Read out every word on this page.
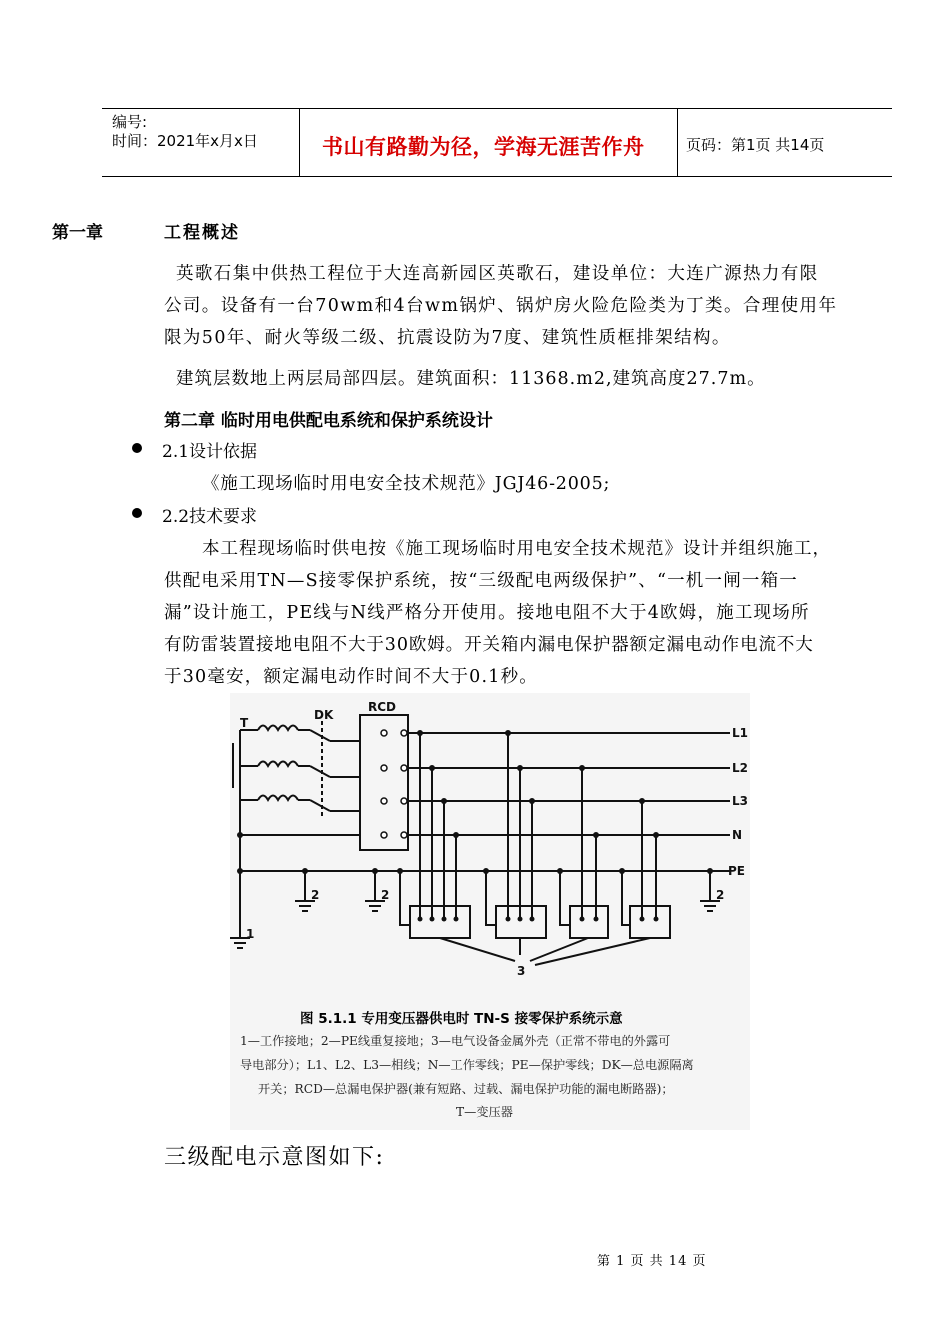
编号:
时间：2021年x月x日	书山有路勤为径，学海无涯苦作舟	页码：第1页 共14页
第一章	工程概述
英歌石集中供热工程位于大连高新园区英歌石，建设单位：大连广源热力有限
公司。设备有一台70wm和4台wm锅炉、锅炉房火险危险类为丁类。合理使用年
限为50年、耐火等级二级、抗震设防为7度、建筑性质框排架结构。
建筑层数地上两层局部四层。建筑面积：11368.m2,建筑高度27.7m。
第二章 临时用电供配电系统和保护系统设计
2.1设计依据
《施工现场临时用电安全技术规范》JGJ46-2005;
2.2技术要求
本工程现场临时供电按《施工现场临时用电安全技术规范》设计并组织施工，
供配电采用TN—S接零保护系统，按“三级配电两级保护”、“一机一闸一箱一
漏”设计施工，PE线与N线严格分开使用。接地电阻不大于4欧姆，施工现场所
有防雷装置接地电阻不大于30欧姆。开关箱内漏电保护器额定漏电动作电流不大
于30毫安，额定漏电动作时间不大于0.1秒。
T
DK
RCD
L1
L2
L3
N
PE
1
2	2	2
3
图 5.1.1 专用变压器供电时 TN-S 接零保护系统示意
1—工作接地；2—PE线重复接地；3—电气设备金属外壳（正常不带电的外露可
导电部分）；L1、L2、L3—相线；N—工作零线；PE—保护零线；DK—总电源隔离
开关；RCD—总漏电保护器(兼有短路、过载、漏电保护功能的漏电断路器)；
T—变压器
三级配电示意图如下:
第 1 页 共 14 页
